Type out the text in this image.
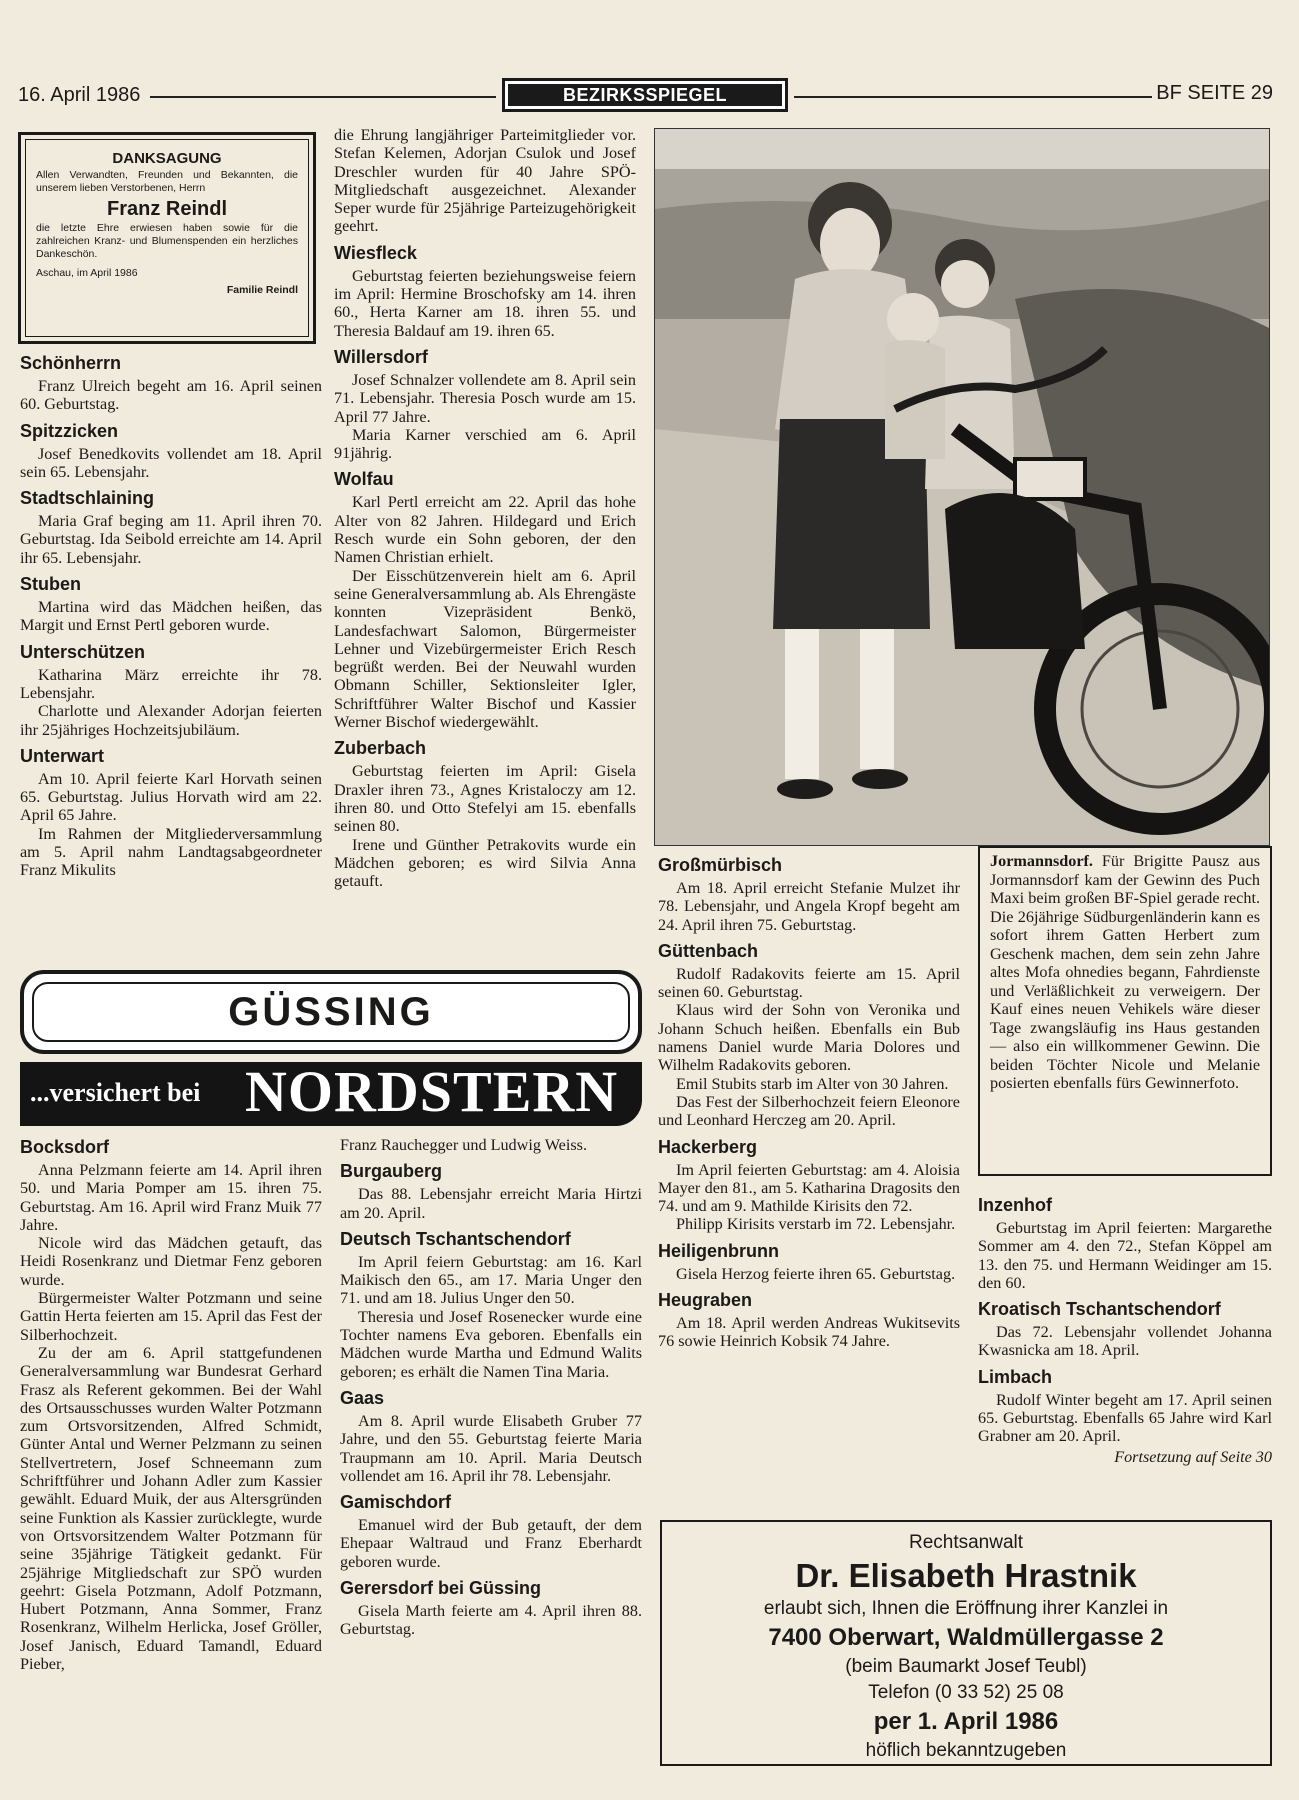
16. April 1986	BEZIRKSSPIEGEL	BF SEITE 29
DANKSAGUNG
Allen Verwandten, Freunden und Bekannten, die unserem lieben Verstorbenen, Herrn
Franz Reindl
die letzte Ehre erwiesen haben sowie für die zahlreichen Kranz- und Blumenspenden ein herzliches Dankeschön.
Aschau, im April 1986
Familie Reindl
Schönherrn

Franz Ulreich begeht am 16. April seinen 60. Geburtstag.

Spitzzicken

Josef Benedkovits vollendet am 18. April sein 65. Lebensjahr.

Stadtschlaining

Maria Graf beging am 11. April ihren 70. Geburtstag. Ida Seibold erreichte am 14. April ihr 65. Lebensjahr.

Stuben

Martina wird das Mädchen heißen, das Margit und Ernst Pertl geboren wurde.

Unterschützen

Katharina März erreichte ihr 78. Lebensjahr.

Charlotte und Alexander Adorjan feierten ihr 25jähriges Hochzeitsjubiläum.

Unterwart

Am 10. April feierte Karl Horvath seinen 65. Geburtstag. Julius Horvath wird am 22. April 65 Jahre.

Im Rahmen der Mitgliederversammlung am 5. April nahm Landtagsabgeordneter Franz Mikulits

die Ehrung langjähriger Parteimitglieder vor. Stefan Kelemen, Adorjan Csulok und Josef Dreschler wurden für 40 Jahre SPÖ-Mitgliedschaft ausgezeichnet. Alexander Seper wurde für 25jährige Parteizugehörigkeit geehrt.

Wiesfleck

Geburtstag feierten beziehungsweise feiern im April: Hermine Broschofsky am 14. ihren 60., Herta Karner am 18. ihren 55. und Theresia Baldauf am 19. ihren 65.

Willersdorf

Josef Schnalzer vollendete am 8. April sein 71. Lebensjahr. Theresia Posch wurde am 15. April 77 Jahre.

Maria Karner verschied am 6. April 91jährig.

Wolfau

Karl Pertl erreicht am 22. April das hohe Alter von 82 Jahren. Hildegard und Erich Resch wurde ein Sohn geboren, der den Namen Christian erhielt.

Der Eisschützenverein hielt am 6. April seine Generalversammlung ab. Als Ehrengäste konnten Vizepräsident Benkö, Landesfachwart Salomon, Bürgermeister Lehner und Vizebürgermeister Erich Resch begrüßt werden. Bei der Neuwahl wurden Obmann Schiller, Sektionsleiter Igler, Schriftführer Walter Bischof und Kassier Werner Bischof wiedergewählt.

Zuberbach

Geburtstag feierten im April: Gisela Draxler ihren 73., Agnes Kristaloczy am 12. ihren 80. und Otto Stefelyi am 15. ebenfalls seinen 80.

Irene und Günther Petrakovits wurde ein Mädchen geboren; es wird Silvia Anna getauft.

Jormannsdorf. Für Brigitte Pausz aus Jormannsdorf kam der Gewinn des Puch Maxi beim großen BF-Spiel gerade recht. Die 26jährige Südburgenländerin kann es sofort ihrem Gatten Herbert zum Geschenk machen, dem sein zehn Jahre altes Mofa ohnedies begann, Fahrdienste und Verläßlichkeit zu verweigern. Der Kauf eines neuen Vehikels wäre dieser Tage zwangsläufig ins Haus gestanden — also ein willkommener Gewinn. Die beiden Töchter Nicole und Melanie posierten ebenfalls fürs Gewinnerfoto.
Großmürbisch

Am 18. April erreicht Stefanie Mulzet ihr 78. Lebensjahr, und Angela Kropf begeht am 24. April ihren 75. Geburtstag.

Güttenbach

Rudolf Radakovits feierte am 15. April seinen 60. Geburtstag.

Klaus wird der Sohn von Veronika und Johann Schuch heißen. Ebenfalls ein Bub namens Daniel wurde Maria Dolores und Wilhelm Radakovits geboren.

Emil Stubits starb im Alter von 30 Jahren.

Das Fest der Silberhochzeit feiern Eleonore und Leonhard Herczeg am 20. April.

Hackerberg

Im April feierten Geburtstag: am 4. Aloisia Mayer den 81., am 5. Katharina Dragosits den 74. und am 9. Mathilde Kirisits den 72.

Philipp Kirisits verstarb im 72. Lebensjahr.

Heiligenbrunn

Gisela Herzog feierte ihren 65. Geburtstag.

Heugraben

Am 18. April werden Andreas Wukitsevits 76 sowie Heinrich Kobsik 74 Jahre.

Inzenhof

Geburtstag im April feierten: Margarethe Sommer am 4. den 72., Stefan Köppel am 13. den 75. und Hermann Weidinger am 15. den 60.

Kroatisch Tschantschendorf

Das 72. Lebensjahr vollendet Johanna Kwasnicka am 18. April.

Limbach

Rudolf Winter begeht am 17. April seinen 65. Geburtstag. Ebenfalls 65 Jahre wird Karl Grabner am 20. April.

Fortsetzung auf Seite 30
GÜSSING
...versichert bei NORDSTERN
Bocksdorf

Anna Pelzmann feierte am 14. April ihren 50. und Maria Pomper am 15. ihren 75. Geburtstag. Am 16. April wird Franz Muik 77 Jahre.

Nicole wird das Mädchen getauft, das Heidi Rosenkranz und Dietmar Fenz geboren wurde.

Bürgermeister Walter Potzmann und seine Gattin Herta feierten am 15. April das Fest der Silberhochzeit.

Zu der am 6. April stattgefundenen Generalversammlung war Bundesrat Gerhard Frasz als Referent gekommen. Bei der Wahl des Ortsausschusses wurden Walter Potzmann zum Ortsvorsitzenden, Alfred Schmidt, Günter Antal und Werner Pelzmann zu seinen Stellvertretern, Josef Schneemann zum Schriftführer und Johann Adler zum Kassier gewählt. Eduard Muik, der aus Altersgründen seine Funktion als Kassier zurücklegte, wurde von Ortsvorsitzendem Walter Potzmann für seine 35jährige Tätigkeit gedankt. Für 25jährige Mitgliedschaft zur SPÖ wurden geehrt: Gisela Potzmann, Adolf Potzmann, Hubert Potzmann, Anna Sommer, Franz Rosenkranz, Wilhelm Herlicka, Josef Gröller, Josef Janisch, Eduard Tamandl, Eduard Pieber,

Franz Rauchegger und Ludwig Weiss.

Burgauberg

Das 88. Lebensjahr erreicht Maria Hirtzi am 20. April.

Deutsch Tschantschendorf

Im April feiern Geburtstag: am 16. Karl Maikisch den 65., am 17. Maria Unger den 71. und am 18. Julius Unger den 50.

Theresia und Josef Rosenecker wurde eine Tochter namens Eva geboren. Ebenfalls ein Mädchen wurde Martha und Edmund Walits geboren; es erhält die Namen Tina Maria.

Gaas

Am 8. April wurde Elisabeth Gruber 77 Jahre, und den 55. Geburtstag feierte Maria Traupmann am 10. April. Maria Deutsch vollendet am 16. April ihr 78. Lebensjahr.

Gamischdorf

Emanuel wird der Bub getauft, der dem Ehepaar Waltraud und Franz Eberhardt geboren wurde.

Gerersdorf bei Güssing

Gisela Marth feierte am 4. April ihren 88. Geburtstag.

Rechtsanwalt
Dr. Elisabeth Hrastnik
erlaubt sich, Ihnen die Eröffnung ihrer Kanzlei in
7400 Oberwart, Waldmüllergasse 2
(beim Baumarkt Josef Teubl)
Telefon (0 33 52) 25 08
per 1. April 1986
höflich bekanntzugeben
